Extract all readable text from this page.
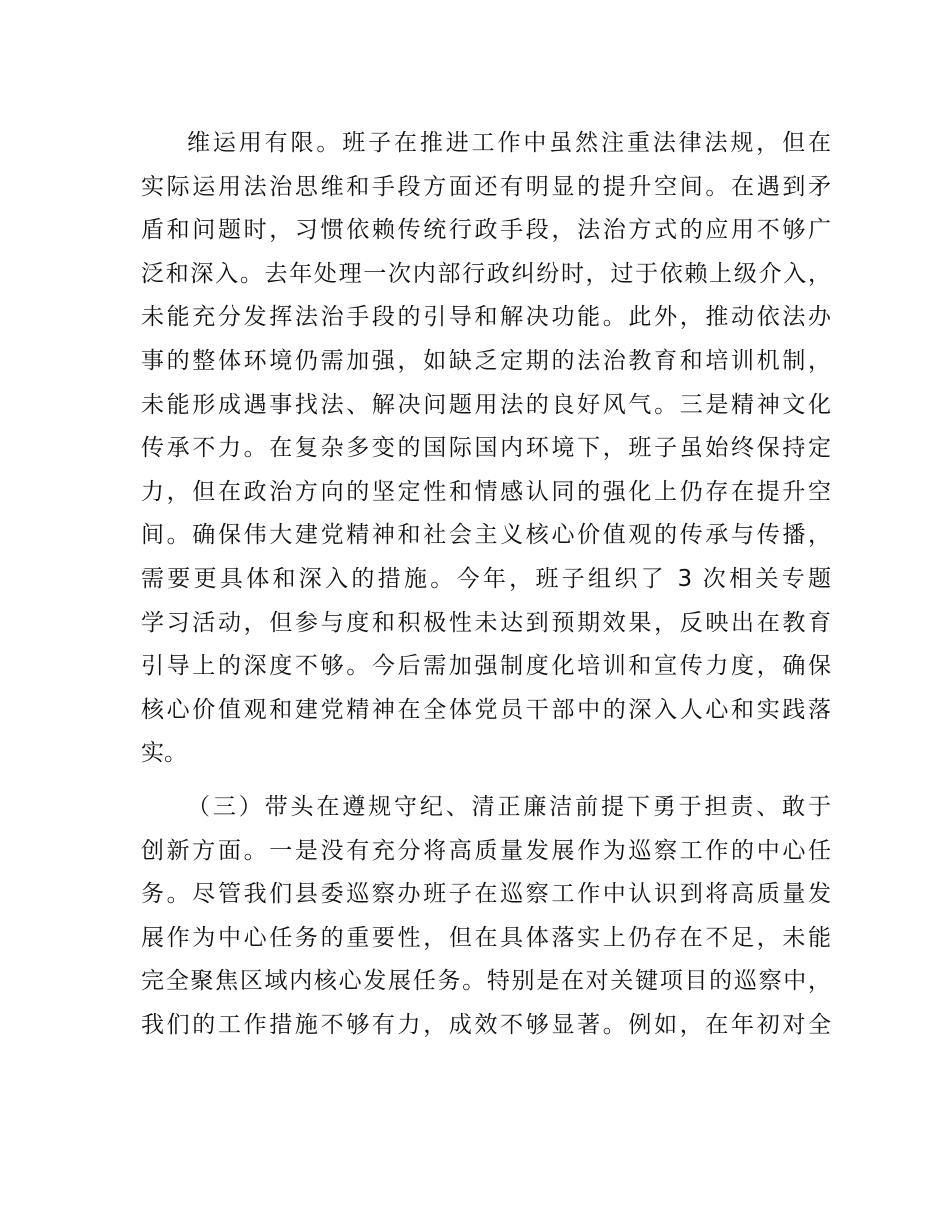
维运用有限。班子在推进工作中虽然注重法律法规，但在
实际运用法治思维和手段方面还有明显的提升空间。在遇到矛
盾和问题时，习惯依赖传统行政手段，法治方式的应用不够广
泛和深入。去年处理一次内部行政纠纷时，过于依赖上级介入，
未能充分发挥法治手段的引导和解决功能。此外，推动依法办
事的整体环境仍需加强，如缺乏定期的法治教育和培训机制，
未能形成遇事找法、解决问题用法的良好风气。三是精神文化
传承不力。在复杂多变的国际国内环境下，班子虽始终保持定
力，但在政治方向的坚定性和情感认同的强化上仍存在提升空
间。确保伟大建党精神和社会主义核心价值观的传承与传播，
需要更具体和深入的措施。今年，班子组织了 3 次相关专题
学习活动，但参与度和积极性未达到预期效果，反映出在教育
引导上的深度不够。今后需加强制度化培训和宣传力度，确保
核心价值观和建党精神在全体党员干部中的深入人心和实践落
实。
（三）带头在遵规守纪、清正廉洁前提下勇于担责、敢于
创新方面。一是没有充分将高质量发展作为巡察工作的中心任
务。尽管我们县委巡察办班子在巡察工作中认识到将高质量发
展作为中心任务的重要性，但在具体落实上仍存在不足，未能
完全聚焦区域内核心发展任务。特别是在对关键项目的巡察中，
我们的工作措施不够有力，成效不够显著。例如，在年初对全
